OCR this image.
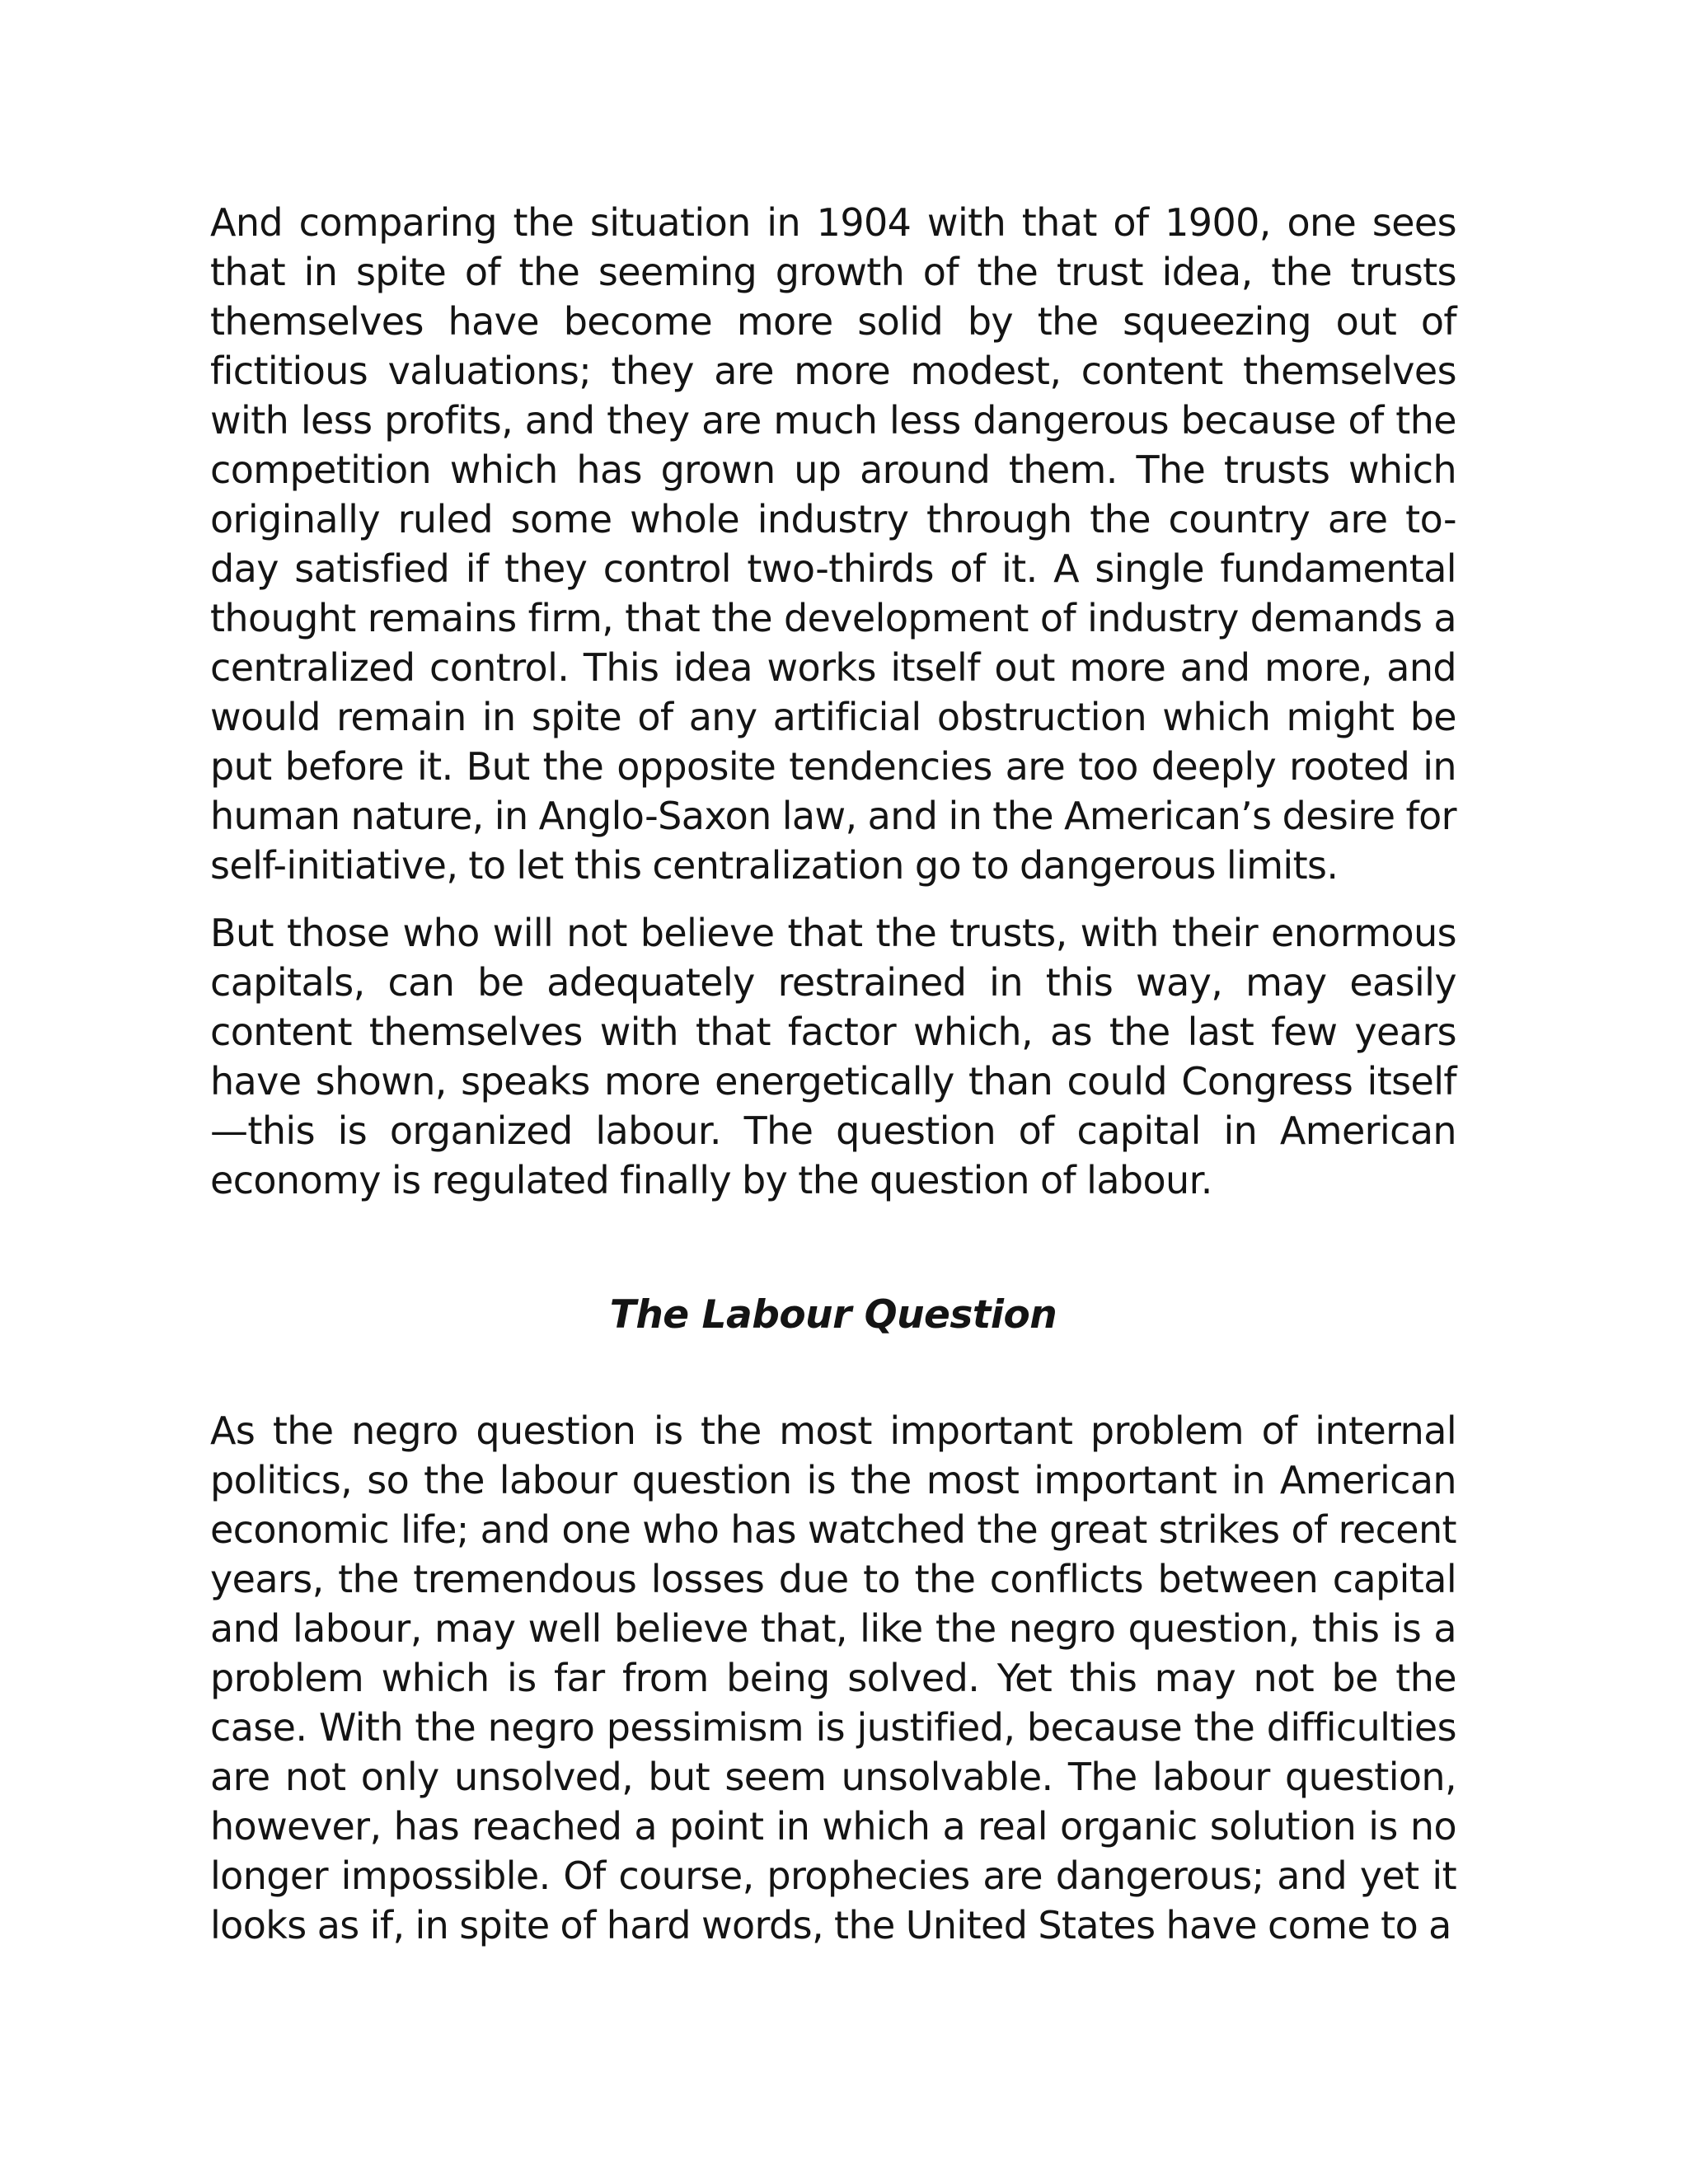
And comparing the situation in 1904 with that of 1900, one sees that in spite of the seeming growth of the trust idea, the trusts themselves have become more solid by the squeezing out of fictitious valuations; they are more modest, content themselves with less profits, and they are much less dangerous because of the competition which has grown up around them. The trusts which originally ruled some whole industry through the country are to-day satisfied if they control two-thirds of it. A single fundamental thought remains firm, that the development of industry demands a centralized control. This idea works itself out more and more, and would remain in spite of any artificial obstruction which might be put before it. But the opposite tendencies are too deeply rooted in human nature, in Anglo-Saxon law, and in the American’s desire for self-initiative, to let this centralization go to dangerous limits.

But those who will not believe that the trusts, with their enormous capitals, can be adequately restrained in this way, may easily content themselves with that factor which, as the last few years have shown, speaks more energetically than could Congress itself—this is organized labour. The question of capital in American economy is regulated finally by the question of labour.

The Labour Question

As the negro question is the most important problem of internal politics, so the labour question is the most important in American economic life; and one who has watched the great strikes of recent years, the tremendous losses due to the conflicts between capital and labour, may well believe that, like the negro question, this is a problem which is far from being solved. Yet this may not be the case. With the negro pessimism is justified, because the difficulties are not only unsolved, but seem unsolvable. The labour question, however, has reached a point in which a real organic solution is no longer impossible. Of course, prophecies are dangerous; and yet it looks as if, in spite of hard words, the United States have come to a
